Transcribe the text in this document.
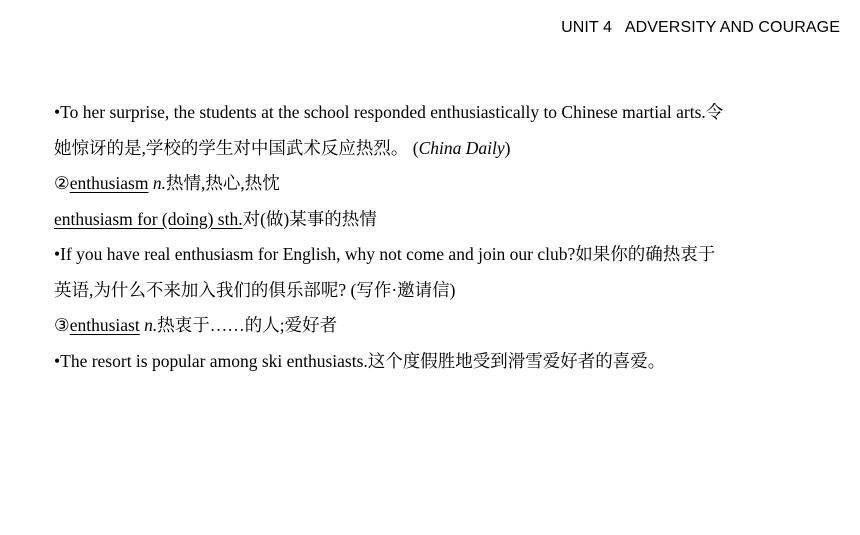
UNIT 4   ADVERSITY AND COURAGE
•To her surprise, the students at the school responded enthusiastically to Chinese martial arts.令
她惊讶的是,学校的学生对中国武术反应热烈。 (China Daily)
②enthusiasm n.热情,热心,热忱
enthusiasm for (doing) sth.对(做)某事的热情
•If you have real enthusiasm for English, why not come and join our club?如果你的确热衷于
英语,为什么不来加入我们的俱乐部呢? (写作·邀请信)
③enthusiast n.热衷于……的人;爱好者
•The resort is popular among ski enthusiasts.这个度假胜地受到滑雪爱好者的喜爱。
